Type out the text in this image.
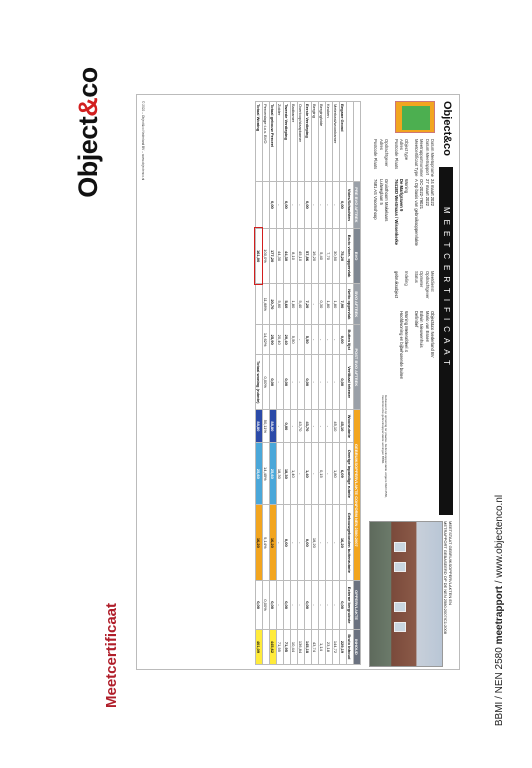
Object&co
Object&co
MEETCERTIFICAAT
MEETSTAAT GEBRUIKSOPPERVLAKTEN EN
METRAPPORT GEBASEERD OP DE NEN 2580:2007/C1:2008
Datum Meetopname24 maart 2022
Datum Meetrapport27 maart 2022
MeetrapportnummerOC-2022-79021
Meetcertificaat TypeA Op basis van gebruiksoppervlakte
Object typeWoning
AdresDe Marlgraven 9
Postcode Plaats7641ED Westmaas / Wissenkerke
OpdrachtgeverGruisthoorn Makelaars
AdresLuitweglaan 5
Postcode Plaats7681 AS Vroomshoop
MeetdienstObject&co Nederland BV
OpdrachtgeverMario van Essen
OpmeterEdwin Nieuwenhuis
StatusDefinitief
IndelingWoning Meterafdeel 4
Hoofdwoning en bijbehorende buiten gebruiksobject
Gebaseerd op opmeting ter plaatse. Gebruiksoppervlakte volgens NEN 2580, meetinstructie gebruiksoppervlakte woningen BBMI.
	PRE BVO AFTREK	BVO	BVO AFTREK	POST BVO AFTREK		GEBRUIKSOPPERVLAKTE CONFORM NEN 2580:2007			OPPERVLAKTE	INHOUD
	Vides/Schachten	Bruto vloer- oppervlak	Netto oppervlak	Buiten lijst	Vertikaal tekener	Woonruimte	Overige inpandige ruimte	Gebouwgebonden buitenruimte	Externe bergruimte	Bruto inhoud
Begane Grond	0,00	75,20	7,90	0,00	0,00	45,10	6,09	16,20	0,00	229,19
Meterkast/woonkamer	-	30,90	1,80	-	-	45,10	1,80	-	-	144,72
Keuken	-	7,70	1,80	-	-	-	-	-	-	23,18
Berging/vide	-	5,40	0,30	-	-	-	0,15	-	-	1,14
Berging	-	16,20	-	-	-	-	-	16,20	-	43,74
Eerste Verdieping	0,00	57,86	7,20	5,50	0,00	43,70	1,40	0,00	0,00	145,18
Overloop/slaapkamer	-	45,10	5,40	-	-	43,70	-	-	-	136,84
Badkamer	-	8,10	1,80	5,50	-	-	1,40	-	-	10,44
Tweede Verdieping	0,00	44,30	5,60	20,40	0,00	0,00	18,30	0,00	0,00	71,95
Zolder	-	44,30	5,60	20,40	-	-	18,30	-	-	71,95
Totaal gebouw Perceel	0,00	177,20	20,70	25,90	0,00	88,80	25,60	16,20	0,00	445,62
Percentage t.o.v. BVO		100,0%	11,68%	14,62%	0,00%	50,11%	14,45%	9,14%	0,00%	
Totaal Woning		161,00			Totaal woning (ruimte)	88,80	25,60	16,20	0,00	401,09
© 2022 – Object&co Nederland BV – www.objectenco.nl
Meetcertificaat	BBMI / NEN 2580 meetrapport / www.objectenco.nl
